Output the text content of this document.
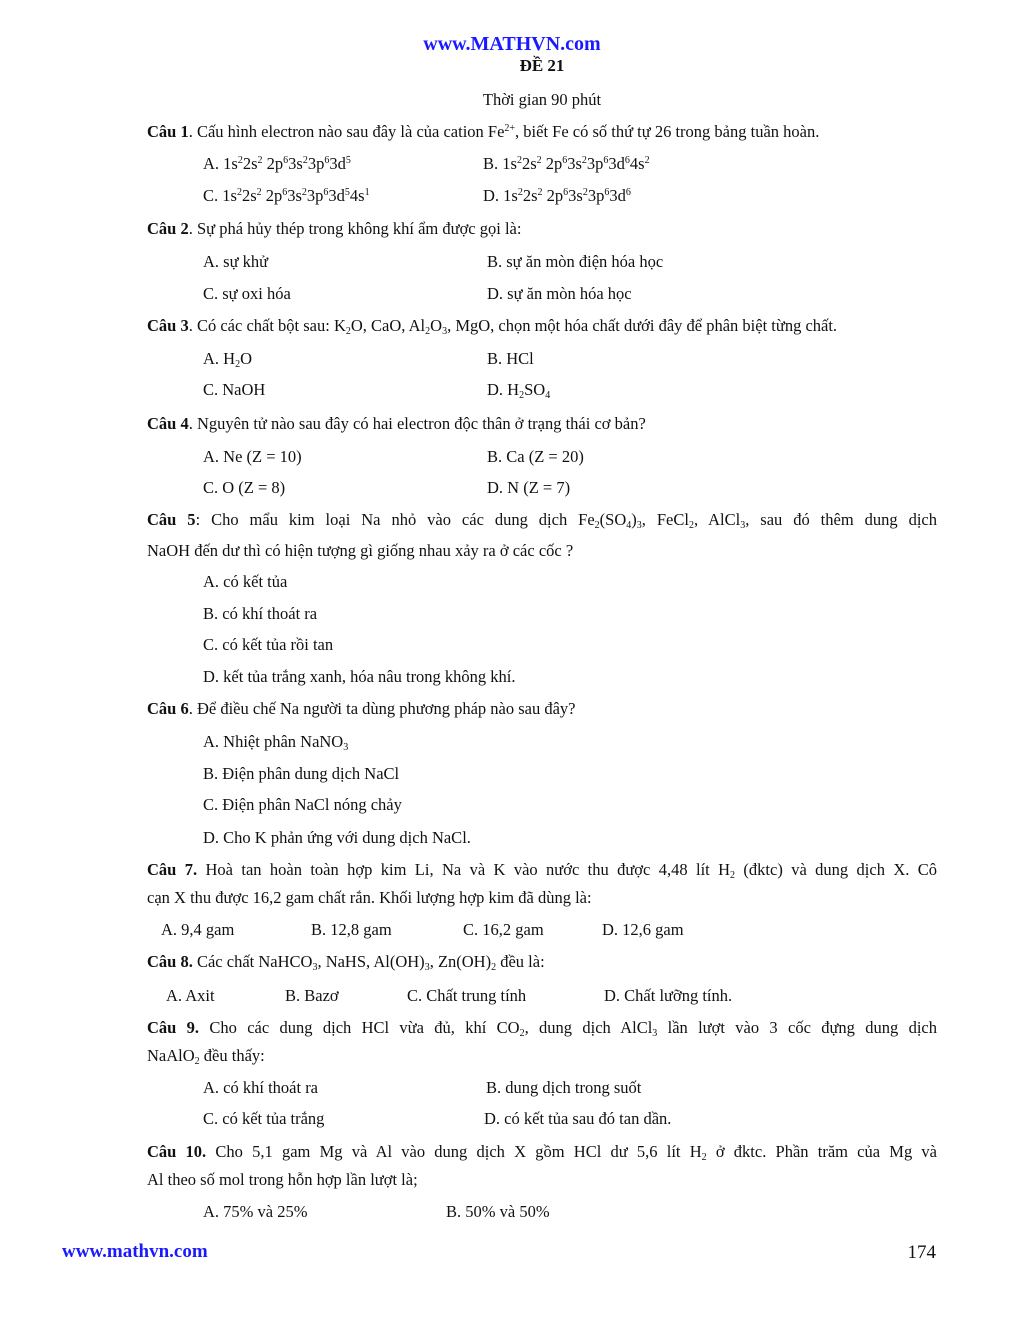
www.MATHVN.com
ĐỀ 21
Thời gian 90 phút
Câu 1. Cấu hình electron nào sau đây là của cation $Fe^{2+}$, biết Fe có số thứ tự 26 trong bảng tuần hoàn.
A. $1s^22s^2$ $2p^63s^23p^63d^5$	B. $1s^22s^2$ $2p^63s^23p^63d^64s^2$
C. $1s^22s^2$ $2p^63s^23p^63d^54s^1$	D. $1s^22s^2$ $2p^63s^23p^63d^6$
Câu 2. Sự phá hủy thép trong không khí ẩm được gọi là:
A. sự khử	B. sự ăn mòn điện hóa học
C. sự oxi hóa	D. sự ăn mòn hóa học
Câu 3. Có các chất bột sau: $K_2O$, CaO, $Al_2O_3$, MgO, chọn một hóa chất dưới đây để phân biệt từng chất.
A. $H_2O$	B. HCl
C. NaOH	D. $H_2SO_4$
Câu 4. Nguyên tử nào sau đây có hai electron độc thân ở trạng thái cơ bản?
A. Ne (Z = 10)	B. Ca (Z = 20)
C. O (Z = 8)	D. N (Z = 7)
Câu 5: Cho mẩu kim loại Na nhỏ vào các dung dịch $Fe_2(SO_4)_3$, FeCl$_2$, AlCl$_3$, sau đó thêm dung dịch
NaOH đến dư thì có hiện tượng gì giống nhau xảy ra ở các cốc ?
A. có kết tủa
B. có khí thoát ra
C. có kết tủa rồi tan
D. kết tủa trắng xanh, hóa nâu trong không khí.
Câu 6. Để điều chế Na người ta dùng phương pháp nào sau đây?
A. Nhiệt phân NaNO$_3$
B. Điện phân dung dịch NaCl
C. Điện phân NaCl nóng chảy
D. Cho K phản ứng với dung dịch NaCl.
Câu 7. Hoà tan hoàn toàn hợp kim Li, Na và K vào nước thu được 4,48 lít $H_2$ (đktc) và dung dịch X. Cô
cạn X thu được 16,2 gam chất rắn. Khối lượng hợp kim đã dùng là:
A. 9,4 gam	B. 12,8 gam	C. 16,2 gam	D. 12,6 gam
Câu 8. Các chất NaHCO$_3$, NaHS, $Al(OH)_3$, $Zn(OH)_2$ đều là:
A. Axit	B. Bazơ	C. Chất trung tính	D. Chất lưỡng tính.
Câu 9. Cho các dung dịch HCl vừa đủ, khí $CO_2$, dung dịch AlCl$_3$ lần lượt vào 3 cốc đựng dung dịch
NaAlO$_2$ đều thấy:
A. có khí thoát ra	B. dung dịch trong suốt
C. có kết tủa trắng	D. có kết tủa sau đó tan dần.
Câu 10. Cho 5,1 gam Mg và Al vào dung dịch X gồm HCl dư 5,6 lít $H_2$ ở đktc. Phần trăm của Mg và
Al theo số mol trong hỗn hợp lần lượt là;
A. 75% và 25%	B. 50% và 50%
www.mathvn.com	174
